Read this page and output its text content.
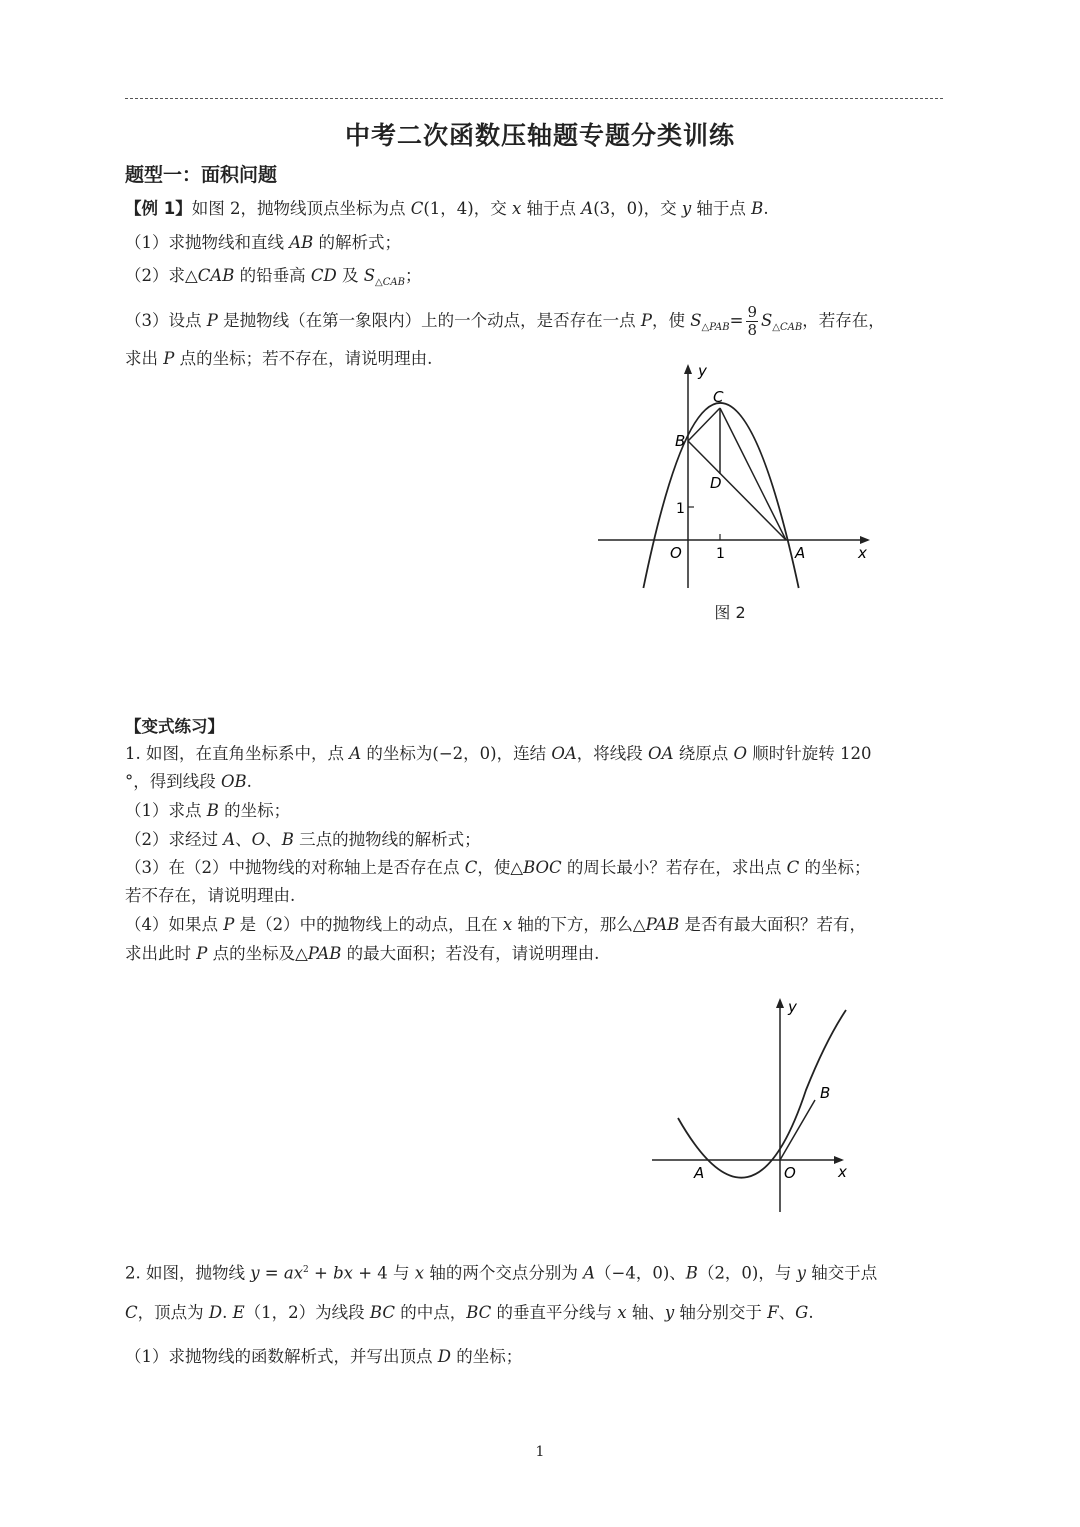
中考二次函数压轴题专题分类训练
题型一：面积问题
【例 1】如图 2，抛物线顶点坐标为点 C(1，4)，交 x 轴于点 A(3，0)，交 y 轴于点 B.
（1）求抛物线和直线 AB 的解析式；
（2）求△CAB 的铅垂高 CD 及 $S_{\triangle CAB}$；
（3）设点 P 是抛物线（在第一象限内）上的一个动点，是否存在一点 P，使 $S_{\triangle PAB}= \frac{9}{8} S_{\triangle CAB}$，若存在，
求出 P 点的坐标；若不存在，请说明理由.
y
x
O 1
1
B
C
D
A
图 2
【变式练习】
1. 如图，在直角坐标系中，点 A 的坐标为(−2，0)，连结 OA，将线段 OA 绕原点 O 顺时针旋转 120
°，得到线段 OB.
（1）求点 B 的坐标；
（2）求经过 A、O、B 三点的抛物线的解析式；
（3）在（2）中抛物线的对称轴上是否存在点 C，使△BOC 的周长最小？若存在，求出点 C 的坐标；
若不存在，请说明理由.
（4）如果点 P 是（2）中的抛物线上的动点，且在 x 轴的下方，那么△PAB 是否有最大面积？若有，
求出此时 P 点的坐标及△PAB 的最大面积；若没有，请说明理由.
y
x
O
A
B
2. 如图，抛物线 $y = ax^2$ + bx + 4 与 x 轴的两个交点分别为 A（−4，0)、B（2，0)，与 y 轴交于点
C，顶点为 D. E（1，2）为线段 BC 的中点，BC 的垂直平分线与 x 轴、y 轴分别交于 F、G.
（1）求抛物线的函数解析式，并写出顶点 D 的坐标；
1
